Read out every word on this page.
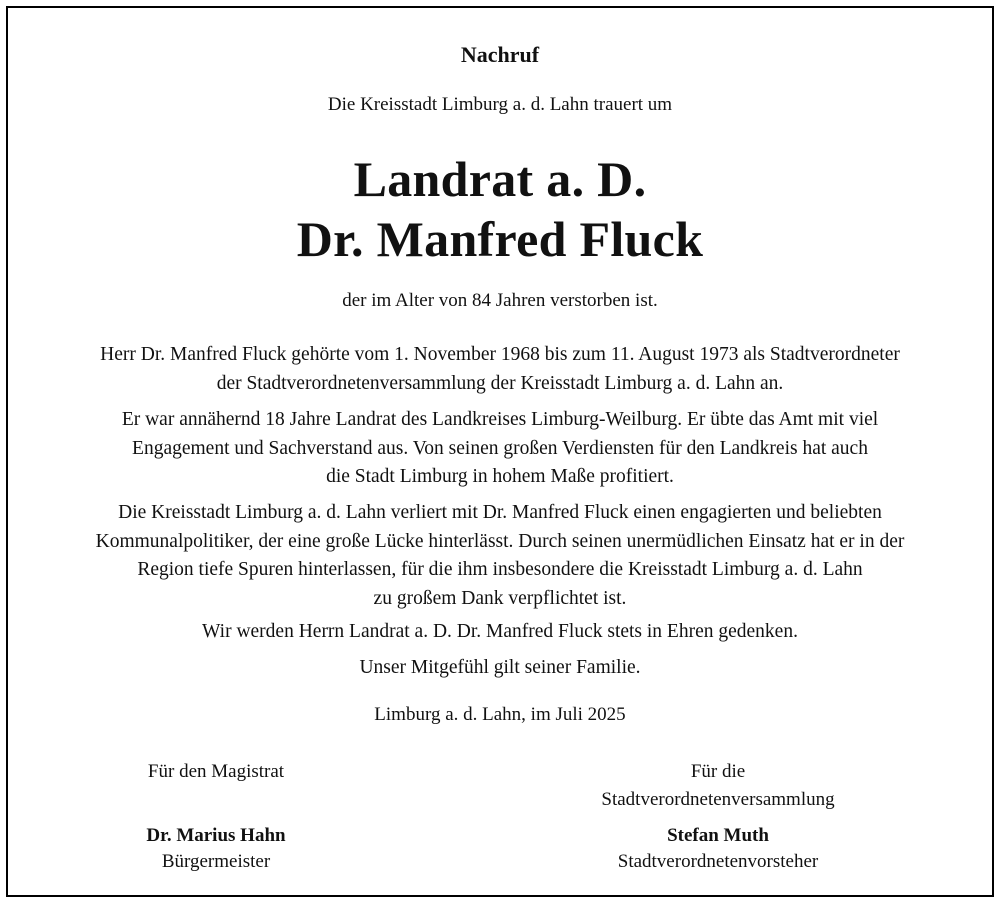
Nachruf
Die Kreisstadt Limburg a. d. Lahn trauert um
Landrat a. D.
Dr. Manfred Fluck
der im Alter von 84 Jahren verstorben ist.
Herr Dr. Manfred Fluck gehörte vom 1. November 1968 bis zum 11. August 1973 als Stadtverordneter
der Stadtverordnetenversammlung der Kreisstadt Limburg a. d. Lahn an.
Er war annähernd 18 Jahre Landrat des Landkreises Limburg-Weilburg. Er übte das Amt mit viel
Engagement und Sachverstand aus. Von seinen großen Verdiensten für den Landkreis hat auch
die Stadt Limburg in hohem Maße profitiert.
Die Kreisstadt Limburg a. d. Lahn verliert mit Dr. Manfred Fluck einen engagierten und beliebten
Kommunalpolitiker, der eine große Lücke hinterlässt. Durch seinen unermüdlichen Einsatz hat er in der
Region tiefe Spuren hinterlassen, für die ihm insbesondere die Kreisstadt Limburg a. d. Lahn
zu großem Dank verpflichtet ist.
Wir werden Herrn Landrat a. D. Dr. Manfred Fluck stets in Ehren gedenken.
Unser Mitgefühl gilt seiner Familie.
Limburg a. d. Lahn, im Juli 2025
Für den Magistrat
Dr. Marius Hahn
Bürgermeister
Für die
Stadtverordnetenversammlung
Stefan Muth
Stadtverordnetenvorsteher
